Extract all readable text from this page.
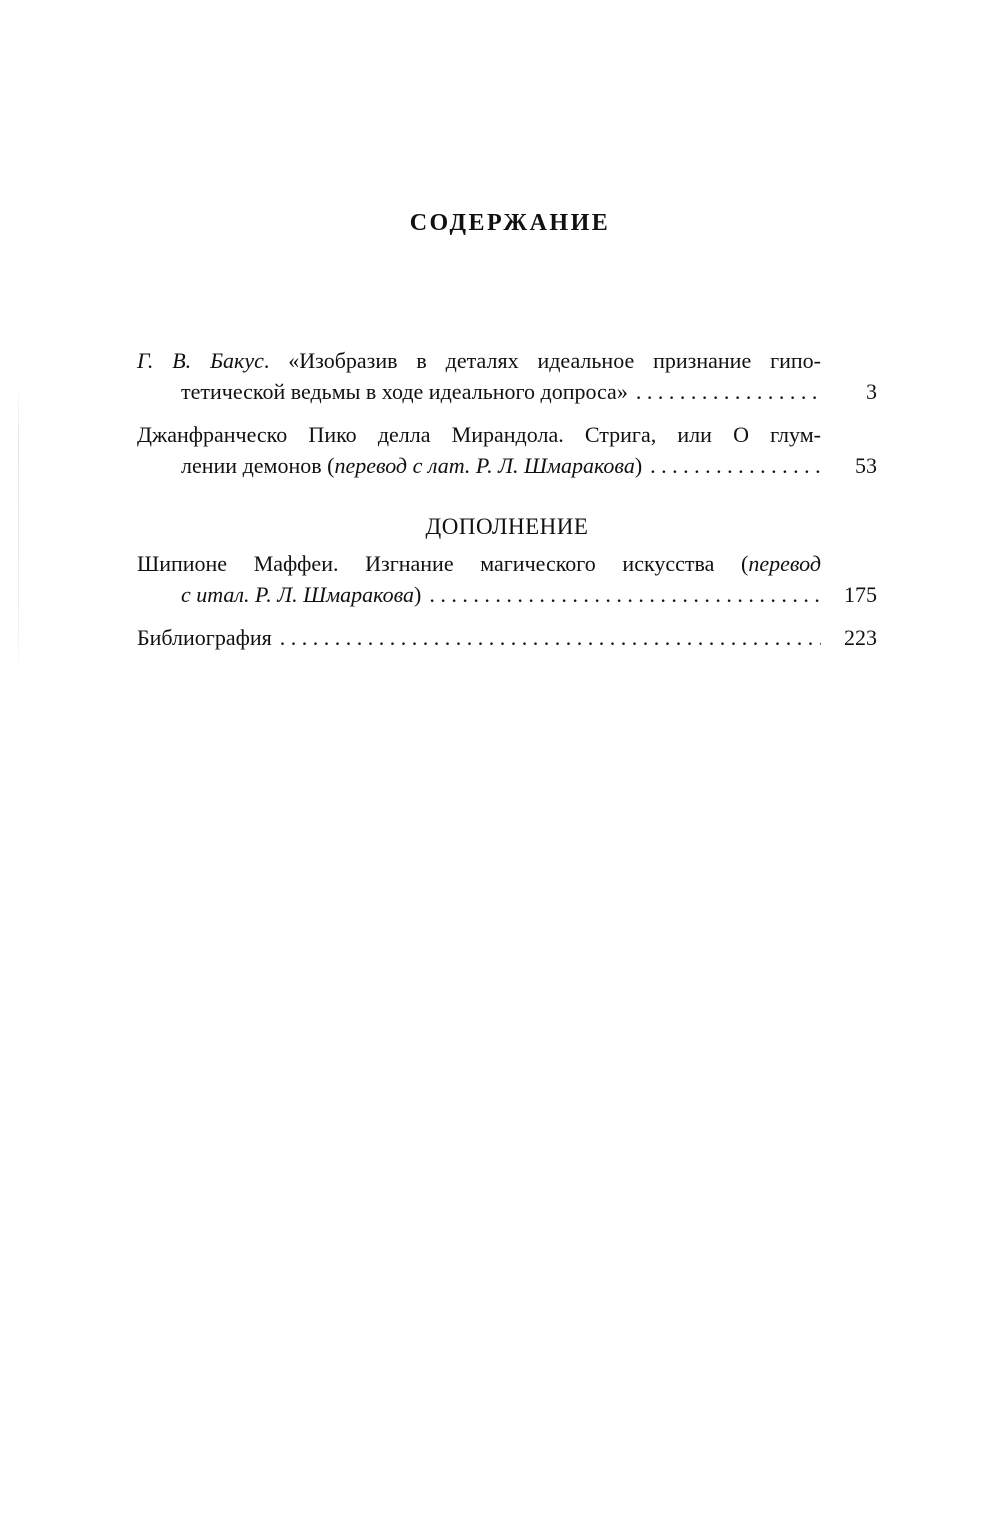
СОДЕРЖАНИЕ
Г. В. Бакус. «Изобразив в деталях идеальное признание гипо-
тетической ведьмы в ходе идеального допроса» . . .	3
Джанфранческо Пико делла Мирандола. Стрига, или О глум-
лении демонов (перевод с лат. Р. Л. Шмаракова) . . .	53
ДОПОЛНЕНИЕ
Шипионе Маффеи. Изгнание магического искусства (перевод
с итал. Р. Л. Шмаракова) . . .	175
Библиография . . .	223
